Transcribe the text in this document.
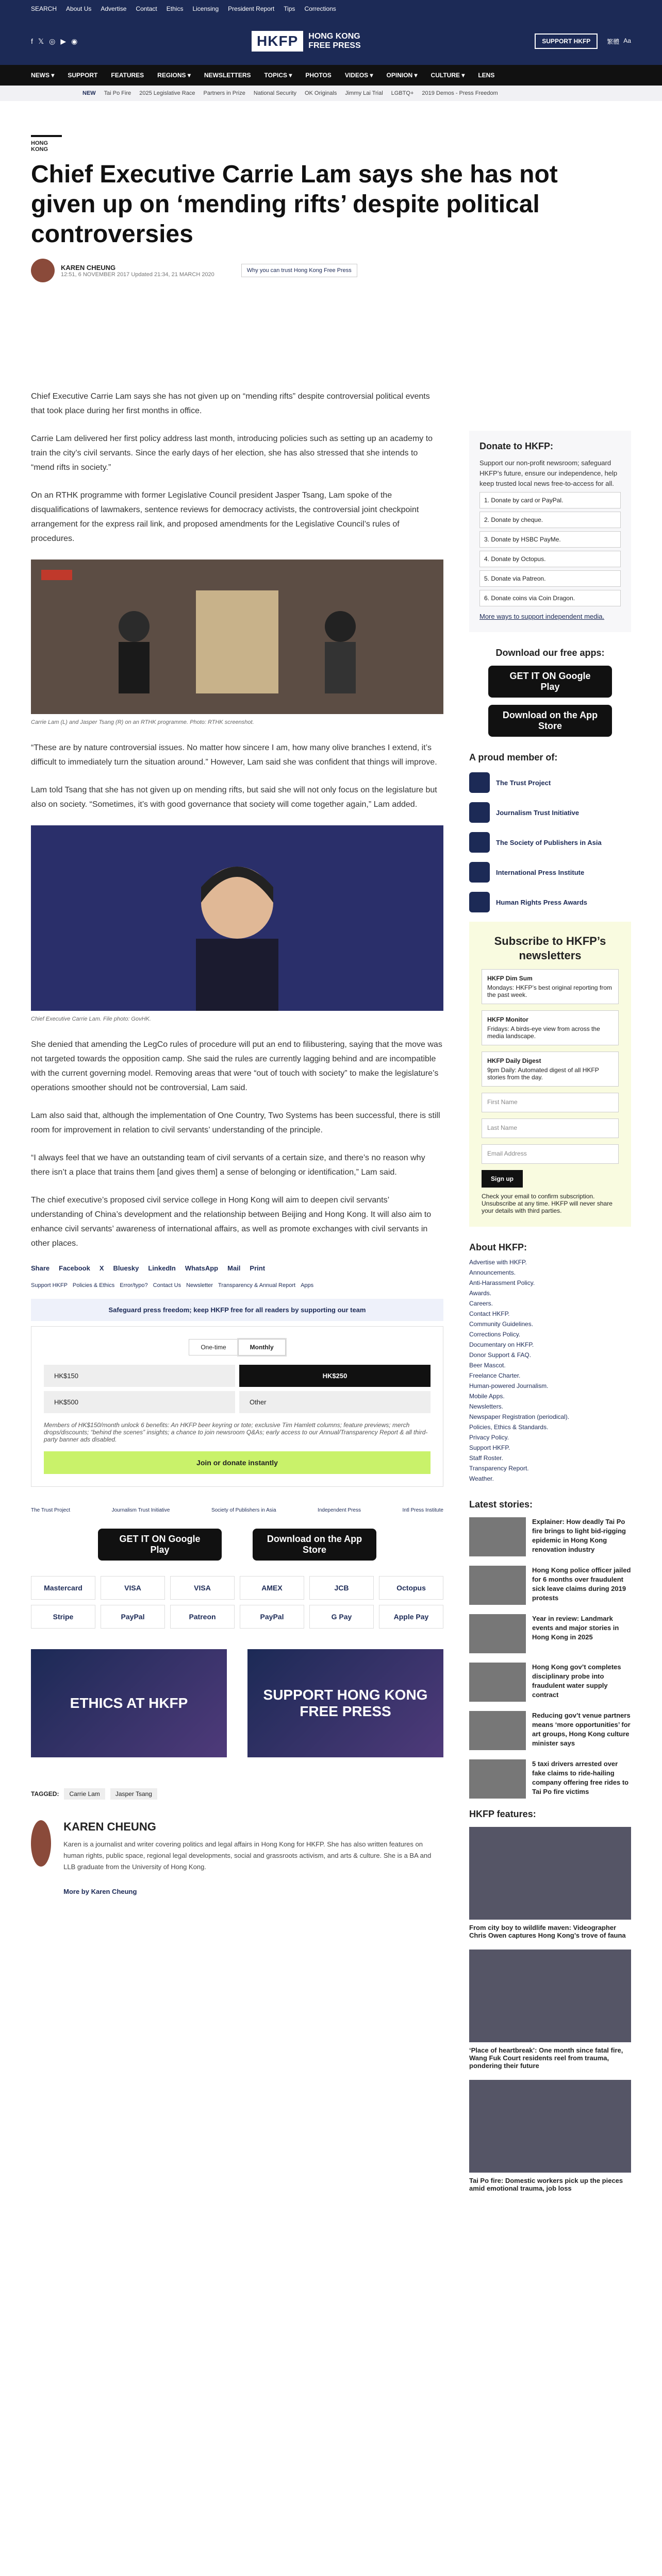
SEARCH About Us Advertise Contact Ethics Licensing President Report Tips Corrections
f 𝕏 ◎ ▶ ◉	HKFP	HONG KONG
FREE PRESS	SUPPORT HKFP	繁體 Aa
NEWS ▾ SUPPORT FEATURES REGIONS ▾ NEWSLETTERS TOPICS ▾ PHOTOS VIDEOS ▾ OPINION ▾ CULTURE ▾ LENS
NEW Tai Po Fire 2025 Legislative Race Partners in Prize National Security OK Originals Jimmy Lai Trial LGBTQ+ 2019 Demos - Press Freedom
HONG KONG
Chief Executive Carrie Lam says she has not given up on ‘mending rifts’ despite political controversies
KAREN CHEUNG
12:51, 6 NOVEMBER 2017 Updated 21:34, 21 MARCH 2020
Why you can trust Hong Kong Free Press

Chief Executive Carrie Lam says she has not given up on “mending rifts” despite controversial political events that took place during her first months in office.

Carrie Lam delivered her first policy address last month, introducing policies such as setting up an academy to train the city’s civil servants. Since the early days of her election, she has also stressed that she intends to “mend rifts in society.”

On an RTHK programme with former Legislative Council president Jasper Tsang, Lam spoke of the disqualifications of lawmakers, sentence reviews for democracy activists, the controversial joint checkpoint arrangement for the express rail link, and proposed amendments for the Legislative Council’s rules of procedures.

Carrie Lam (L) and Jasper Tsang (R) on an RTHK programme. Photo: RTHK screenshot.

“These are by nature controversial issues. No matter how sincere I am, how many olive branches I extend, it’s difficult to immediately turn the situation around.” However, Lam said she was confident that things will improve.

Lam told Tsang that she has not given up on mending rifts, but said she will not only focus on the legislature but also on society. “Sometimes, it’s with good governance that society will come together again,” Lam added.

Chief Executive Carrie Lam. File photo: GovHK.

She denied that amending the LegCo rules of procedure will put an end to filibustering, saying that the move was not targeted towards the opposition camp. She said the rules are currently lagging behind and are incompatible with the current governing model. Removing areas that were “out of touch with society” to make the legislature’s operations smoother should not be controversial, Lam said.

Lam also said that, although the implementation of One Country, Two Systems has been successful, there is still room for improvement in relation to civil servants’ understanding of the principle.

“I always feel that we have an outstanding team of civil servants of a certain size, and there’s no reason why there isn’t a place that trains them [and gives them] a sense of belonging or identification,” Lam said.

The chief executive’s proposed civil service college in Hong Kong will aim to deepen civil servants’ understanding of China’s development and the relationship between Beijing and Hong Kong. It will also aim to enhance civil servants’ awareness of international affairs, as well as promote exchanges with civil servants in other places.

Share Facebook X Bluesky LinkedIn WhatsApp Mail Print
Support HKFP Policies & Ethics Error/typo? Contact Us Newsletter Transparency & Annual Report Apps
Safeguard press freedom; keep HKFP free for all readers by supporting our team
One-time	Monthly
HK$150	HK$250
HK$500	Other
Members of HK$150/month unlock 6 benefits: An HKFP beer keyring or tote; exclusive Tim Hamlett columns; feature previews; merch drops/discounts; “behind the scenes” insights; a chance to join newsroom Q&As; early access to our Annual/Transparency Report & all third-party banner ads disabled.
Join or donate instantly
The Trust Project	Journalism Trust Initiative	Society of Publishers in Asia	Independent Press	Intl Press Institute
GET IT ON Google Play
Download on the App Store
Mastercard	VISA	VISA	AMEX	JCB	Octopus
Stripe	PayPal	Patreon	PayPal	G Pay	Apple Pay
ETHICS AT HKFP
SUPPORT HONG KONG FREE PRESS
TAGGED:	Carrie Lam	Jasper Tsang
KAREN CHEUNG

Karen is a journalist and writer covering politics and legal affairs in Hong Kong for HKFP. She has also written features on human rights, public space, regional legal developments, social and grassroots activism, and arts & culture. She is a BA and LLB graduate from the University of Hong Kong.

More by Karen Cheung

Donate to HKFP:

Support our non-profit newsroom; safeguard HKFP’s future, ensure our independence, help keep trusted local news free-to-access for all.

1. Donate by card or PayPal.
2. Donate by cheque.
3. Donate by HSBC PayMe.
4. Donate by Octopus.
5. Donate via Patreon.
6. Donate coins via Coin Dragon.

More ways to support independent media.

Download our free apps:
GET IT ON Google Play
Download on the App Store
A proud member of:
The Trust Project
Journalism Trust Initiative
The Society of Publishers in Asia
International Press Institute
Human Rights Press Awards
Subscribe to HKFP’s newsletters
HKFP Dim Sum
Mondays: HKFP’s best original reporting from the past week.
HKFP Monitor
Fridays: A birds-eye view from across the media landscape.
HKFP Daily Digest
9pm Daily: Automated digest of all HKFP stories from the day.
First Name
Last Name
Email Address
Sign up

Check your email to confirm subscription. Unsubscribe at any time. HKFP will never share your details with third parties.

About HKFP:
Advertise with HKFP.
Announcements.
Anti-Harassment Policy.
Awards.
Careers.
Contact HKFP.
Community Guidelines.
Corrections Policy.
Documentary on HKFP.
Donor Support & FAQ.
Beer Mascot.
Freelance Charter.
Human-powered Journalism.
Mobile Apps.
Newsletters.
Newspaper Registration (periodical).
Policies, Ethics & Standards.
Privacy Policy.
Support HKFP.
Staff Roster.
Transparency Report.
Weather.
Latest stories:
Explainer: How deadly Tai Po fire brings to light bid-rigging epidemic in Hong Kong renovation industry
Hong Kong police officer jailed for 6 months over fraudulent sick leave claims during 2019 protests
Year in review: Landmark events and major stories in Hong Kong in 2025
Hong Kong gov’t completes disciplinary probe into fraudulent water supply contract
Reducing gov’t venue partners means ‘more opportunities’ for art groups, Hong Kong culture minister says
5 taxi drivers arrested over fake claims to ride-hailing company offering free rides to Tai Po fire victims
HKFP features:
From city boy to wildlife maven: Videographer Chris Owen captures Hong Kong’s trove of fauna
‘Place of heartbreak’: One month since fatal fire, Wang Fuk Court residents reel from trauma, pondering their future
Tai Po fire: Domestic workers pick up the pieces amid emotional trauma, job loss
